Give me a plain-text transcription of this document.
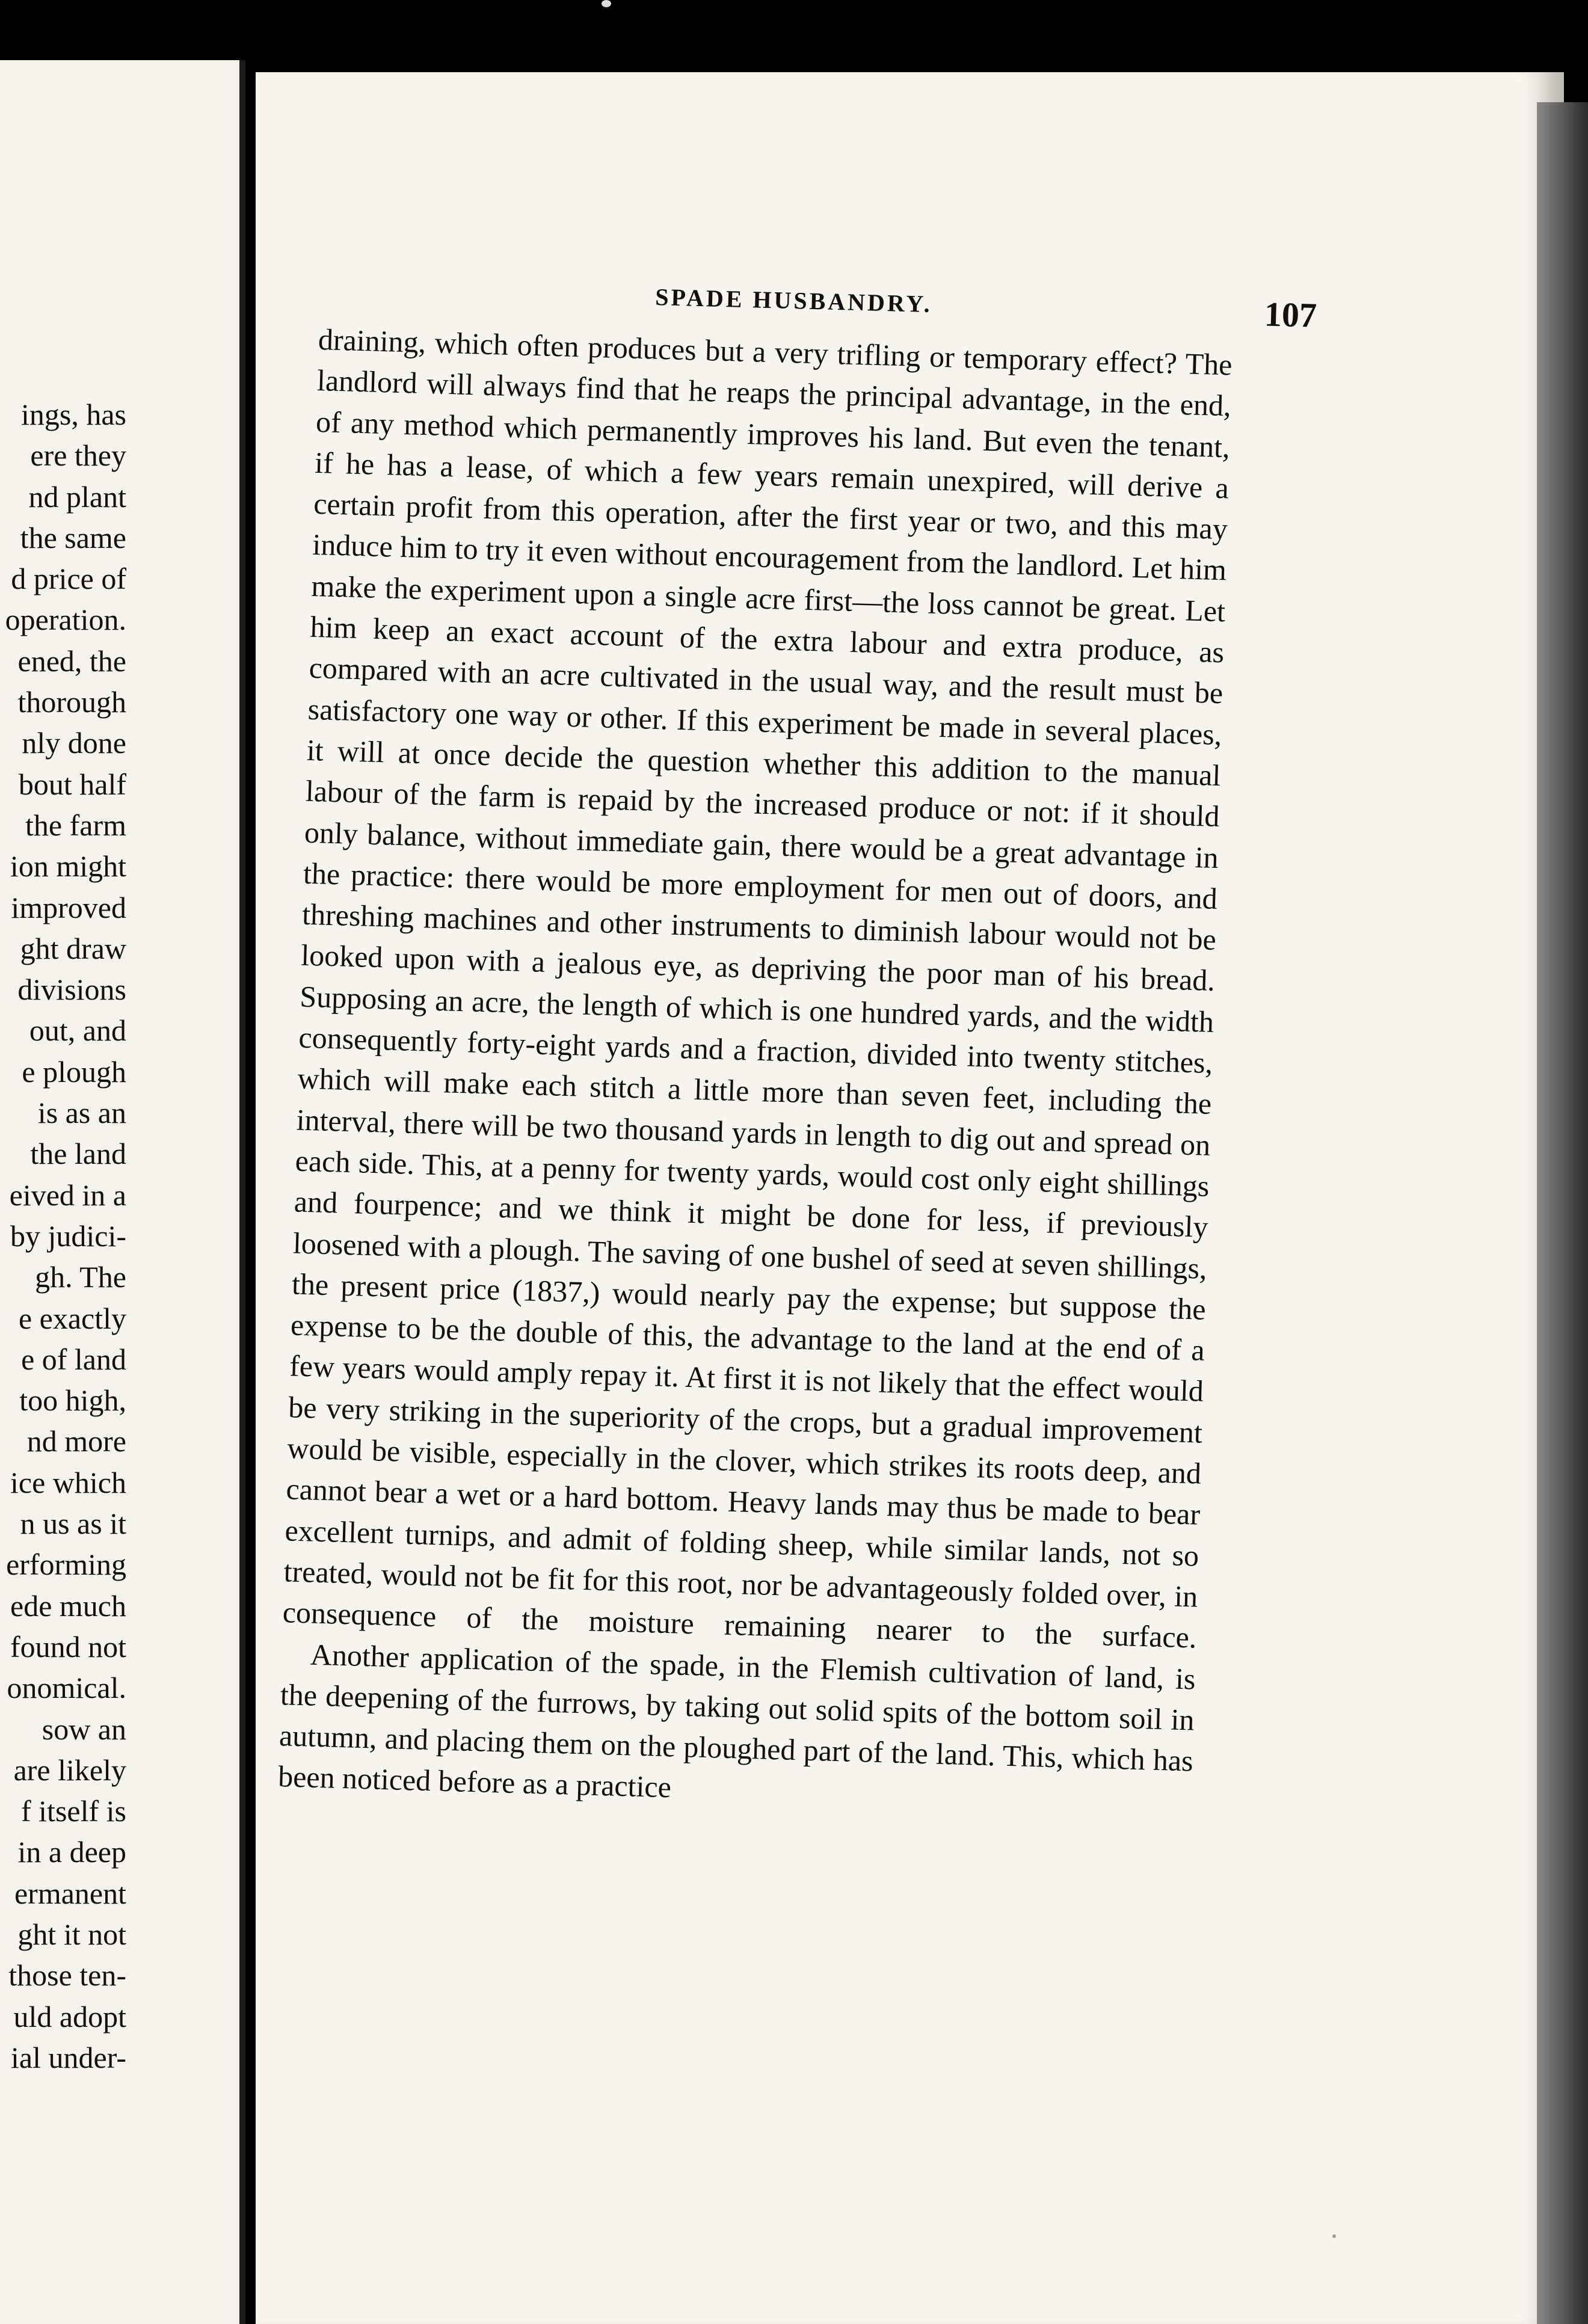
ings, has
ere they
nd plant
the same
d price of
operation.
ened, the
thorough
nly done
bout half
the farm
ion might
improved
ght draw
divisions
out, and
e plough
is as an
the land
eived in a
by judici-
gh. The
e exactly
e of land
too high,
nd more
ice which
n us as it
erforming
ede much
found not
onomical.
sow an
are likely
f itself is
in a deep
ermanent
ght it not
those ten-
uld adopt
ial under-
SPADE HUSBANDRY.	107

draining, which often produces but a very trifling or temporary effect? The landlord will always find that he reaps the principal advantage, in the end, of any method which permanently improves his land. But even the tenant, if he has a lease, of which a few years remain unexpired, will derive a certain profit from this operation, after the first year or two, and this may induce him to try it even without encouragement from the landlord. Let him make the experiment upon a single acre first—the loss cannot be great. Let him keep an exact account of the extra labour and extra produce, as compared with an acre cultivated in the usual way, and the result must be satisfactory one way or other. If this experiment be made in several places, it will at once decide the question whether this addition to the manual labour of the farm is repaid by the increased produce or not: if it should only balance, without immediate gain, there would be a great advantage in the practice: there would be more employment for men out of doors, and threshing machines and other instruments to diminish labour would not be looked upon with a jealous eye, as depriving the poor man of his bread. Supposing an acre, the length of which is one hundred yards, and the width consequently forty-eight yards and a fraction, divided into twenty stitches, which will make each stitch a little more than seven feet, including the interval, there will be two thousand yards in length to dig out and spread on each side. This, at a penny for twenty yards, would cost only eight shillings and fourpence; and we think it might be done for less, if previously loosened with a plough. The saving of one bushel of seed at seven shillings, the present price (1837,) would nearly pay the expense; but suppose the expense to be the double of this, the advantage to the land at the end of a few years would amply repay it. At first it is not likely that the effect would be very striking in the superiority of the crops, but a gradual improvement would be visible, especially in the clover, which strikes its roots deep, and cannot bear a wet or a hard bottom. Heavy lands may thus be made to bear excellent turnips, and admit of folding sheep, while similar lands, not so treated, would not be fit for this root, nor be advantageously folded over, in consequence of the moisture remaining nearer to the surface.

Another application of the spade, in the Flemish cultivation of land, is the deepening of the furrows, by taking out solid spits of the bottom soil in autumn, and placing them on the ploughed part of the land. This, which has been noticed before as a practice
